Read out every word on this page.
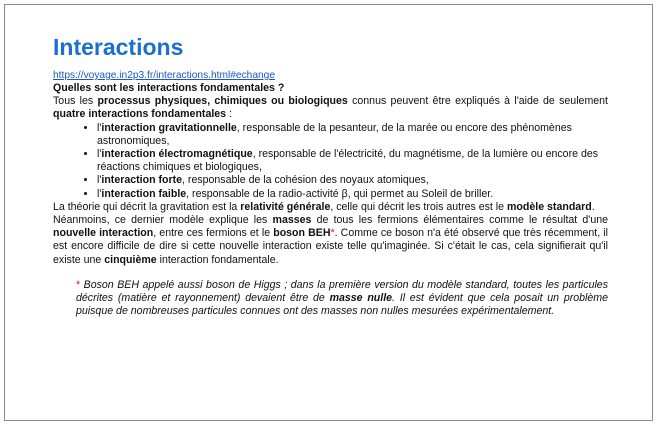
Interactions
https://voyage.in2p3.fr/interactions.html#echange
Quelles sont les interactions fondamentales ?

Tous les processus physiques, chimiques ou biologiques connus peuvent être expliqués à l'aide de seulement quatre interactions fondamentales :

• l'interaction gravitationnelle, responsable de la pesanteur, de la marée ou encore des phénomènes astronomiques,
• l'interaction électromagnétique, responsable de l'électricité, du magnétisme, de la lumière ou encore des réactions chimiques et biologiques,
• l'interaction forte, responsable de la cohésion des noyaux atomiques,
• l'interaction faible, responsable de la radio-activité β, qui permet au Soleil de briller.

La théorie qui décrit la gravitation est la relativité générale, celle qui décrit les trois autres est le modèle standard.

Néanmoins, ce dernier modèle explique les masses de tous les fermions élémentaires comme le résultat d'une nouvelle interaction, entre ces fermions et le boson BEH*. Comme ce boson n'a été observé que très récemment, il est encore difficile de dire si cette nouvelle interaction existe telle qu'imaginée. Si c'était le cas, cela signifierait qu'il existe une cinquième interaction fondamentale.

* Boson BEH appelé aussi boson de Higgs ; dans la première version du modèle standard, toutes les particules décrites (matière et rayonnement) devaient être de masse nulle. Il est évident que cela posait un problème puisque de nombreuses particules connues ont des masses non nulles mesurées expérimentalement.
